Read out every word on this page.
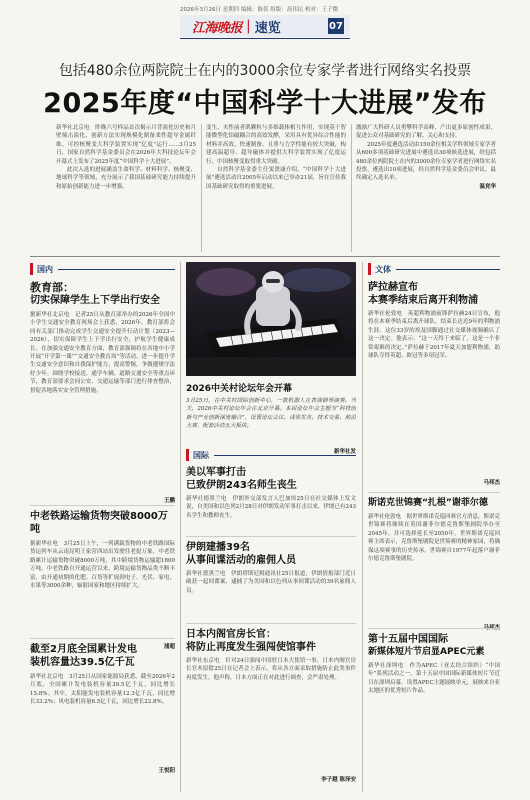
2026年3月26日 星期四 编辑：陈恬 组版：高伟民 校对：王子微
江海晚报 | 速览	07
包括480余位两院院士在内的3000余位专家学者进行网络实名投票
2025年度“中国科学十大进展”发布

新华社北京电　昨晚六号样品首次揭示月背演化历史和月壁撞击演化、创新方法实现规模化制备柔性超导金属纤维、可控核聚变大科学装置实现“亿度”运行……3月25日，国家自然科学基金委员会在2026年大科技论坛年会开幕式上发布了2025年度“中国科学十大进展”。

此次入选的进展涵盖生命科学、材料科学、核聚变、地球科学等领域，充分展示了我国基础研究能力持续提升和原始创新能力进一步增强。

变生、夹性前者肌颗粒与多维载体相互作用，实现基于智能微型化铝磁耦合的高效发酵，采用具有优异综合性能的材料并高效、快速制备、且重与力学性能有较大突破，构建高温超导、超导磁体并提供大科学装置实现了亿度运行、中国核聚变取得重大突破。

自然科学基金委主任窦贤康介绍，“中国科学十大进展”遴选活动自2005年启动以来已举办21届，旨在宣传我国基础研究取得的重要进展。

激励广大科研人员勇攀科学高峰，产出更多原创性成果，促进公众对基础研究的了解、关心和支持。

2025年度遴选活动由150余位相关学科领域专家学者从600多项基础研究进展中遴选出30项候选进展，经包括480余位两院院士在内的3000余位专家学者进行网络实名投票，遴选出10项进展，经自然科学基金委员会审议，最终确定入选名单。

温竞华
国内
教育部：
切实保障学生上下学出行安全
据新华社北京电　记者25日从教育部举办的2026年全国中小学生交通安全教育现场会上获悉，2026年，教育部将会同有关部门推动完成学生交通安全提升行动计划（2023—2026），切实保障学生上下学出行安全，护航学生健康成长。在加强交通安全教育方面，教育部强调将在各地中小学开展“开学第一课”“交通安全教育周”等活动，进一步提升学生交通安全意识和自我保护能力，提高警惕，争做遵规守法好少年。围绕学校接送、通学车辆、道路交通安全等重点环节，教育部要求会同公安、交通运输等部门进行排查整治，督促各地落实安全管理措施。
王鹏
中老铁路运输货物突破8000万吨
据新华社电　3月25日上午，一列满载货物的中老铁路国际货运列车从云南昆明王家营西站出发驶往老挝万象。中老铁路累计运输货物突破8000万吨，其中跨境货物运输超1800万吨。中老铁路自开通运营以来，跨境运输货物品类不断丰富，由开通初期的化肥、百货等扩展到电子、光伏、家电、水果等3000余种，辐射国家和地区持续扩大。
浦超
截至2月底全国累计发电
装机容量达39.5亿千瓦
新华社北京电　3月25日从国家能源局获悉，截至2026年2月底，全国累计发电装机容量39.5亿千瓦，同比增长15.8%。其中，太阳能发电装机容量12.3亿千瓦，同比增长33.2%；风电装机容量6.5亿千瓦，同比增长22.8%。
王悦阳
2026中关村论坛年会开幕
3月25日，在中关村国际创新中心，一款机器人在表演钢琴演奏。当天，2026中关村论坛年会在北京开幕。本届论坛年会主题为“科技创新与产业创新深度融合”，设置论坛会议、成果发布、技术交易、前沿大赛、配套活动五大板块。
新华社发
国际
美以军事打击
已致伊朗243名师生丧生
新华社德黑兰电　伊朗外交部发言人巴加埃25日在社交媒体上发文说，自美国和以色列2月28日对伊朗发动军事打击以来，伊朗已有243名学生和教师丧生。
伊朗建播39名
从事间谍活动的雇佣人员
新华社德黑兰电　伊朗塔斯尼姆通讯社25日报道，伊朗情报部门近日破获一起间谍案，逮捕了为美国和以色列从事间谍活动的39名雇佣人员。
日本内阁官房长官：
将防止再度发生强闯使馆事件
新华社东京电　针对24日强闯中国驻日本大使馆一事，日本内阁官房长官木原稔25日在记者会上表示，将从各方面采取措施防止此类事件再度发生。他声称，日本方面正在对此进行调查，会严肃处理。
李子越 陈泽安
文体
萨拉赫宣布
本赛季结束后离开利物浦
新华社伦敦电　英超利物浦前锋萨拉赫24日宣布，他将在本赛季结束后离开球队，结束长达近9年的利物浦生涯。这位33岁的埃及国脚通过社交媒体视频确认了这一决定。他表示：“这一天终于来临了，这是一个非常艰难的决定。”萨拉赫于2017年夏天加盟利物浦，助球队夺得英超、欧冠等多项冠军。
马邦杰
斯诺克世锦赛“扎根”谢菲尔德
新华社伦敦电　据世界斯诺克巡回赛官方消息，斯诺克世锦赛将继续在英国谢菲尔德克鲁斯堡剧院举办至2045年，并可选择延长至2050年。世界斯诺克巡回赛主席表示，克鲁斯堡剧院是世锦赛的精神家园，将确保这项赛事的历史传承。世锦赛自1977年起落户谢菲尔德克鲁斯堡剧院。
第十五届中国国际
新媒体短片节启显APEC元素
新华社深圳电　作为APEC（亚太经合组织）“中国年”系列活动之一，第十五届中国国际新媒体短片节近日在深圳启幕，设置APEC主题展映单元，展映来自亚太地区的优秀短片作品。
